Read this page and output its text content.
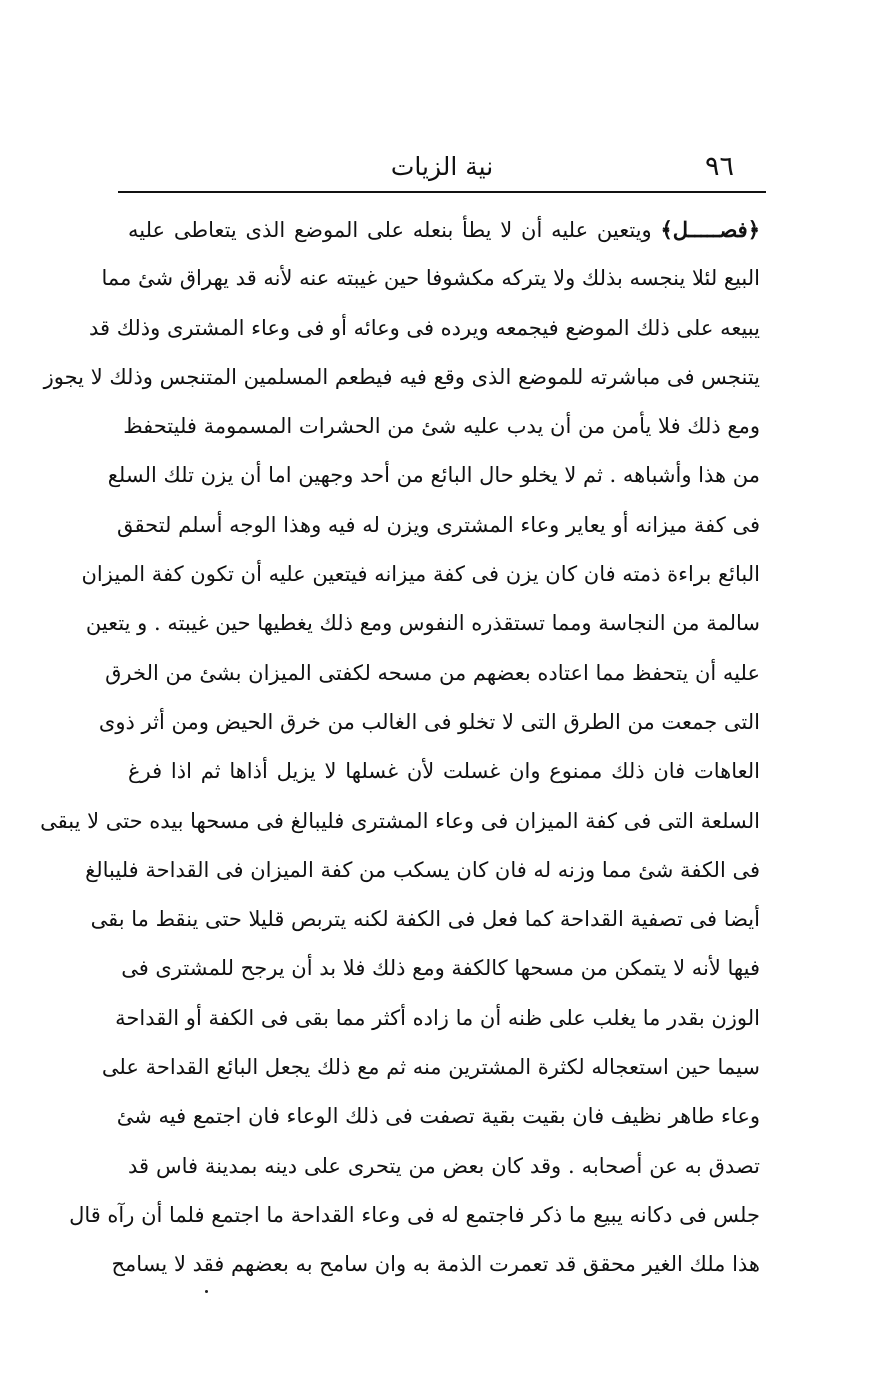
٩٦
نية الزيات
﴿فصـــــل﴾ ويتعين عليه أن لا يطأ بنعله على الموضع الذى يتعاطى عليه
البيع لئلا ينجسه بذلك ولا يتركه مكشوفا حين غيبته عنه لأنه قد يهراق شئ مما
يبيعه على ذلك الموضع فيجمعه ويرده فى وعائه أو فى وعاء المشترى وذلك قد
يتنجس فى مباشرته للموضع الذى وقع فيه فيطعم المسلمين المتنجس وذلك لا يجوز
ومع ذلك فلا يأمن من أن يدب عليه شئ من الحشرات المسمومة فليتحفظ
من هذا وأشباهه . ثم لا يخلو حال البائع من أحد وجهين اما أن يزن تلك السلع
فى كفة ميزانه أو يعاير وعاء المشترى ويزن له فيه وهذا الوجه أسلم لتحقق
البائع براءة ذمته فان كان يزن فى كفة ميزانه فيتعين عليه أن تكون كفة الميزان
سالمة من النجاسة ومما تستقذره النفوس ومع ذلك يغطيها حين غيبته . و يتعين
عليه أن يتحفظ مما اعتاده بعضهم من مسحه لكفتى الميزان بشئ من الخرق
التى جمعت من الطرق التى لا تخلو فى الغالب من خرق الحيض ومن أثر ذوى
العاهات فان ذلك ممنوع وان غسلت لأن غسلها لا يزيل أذاها ثم اذا فرغ
السلعة التى فى كفة الميزان فى وعاء المشترى فليبالغ فى مسحها بيده حتى لا يبقى
فى الكفة شئ مما وزنه له فان كان يسكب من كفة الميزان فى القداحة فليبالغ
أيضا فى تصفية القداحة كما فعل فى الكفة لكنه يتربص قليلا حتى ينقط ما بقى
فيها لأنه لا يتمكن من مسحها كالكفة ومع ذلك فلا بد أن يرجح للمشترى فى
الوزن بقدر ما يغلب على ظنه أن ما زاده أكثر مما بقى فى الكفة أو القداحة
سيما حين استعجاله لكثرة المشترين منه ثم مع ذلك يجعل البائع القداحة على
وعاء طاهر نظيف فان بقيت بقية تصفت فى ذلك الوعاء فان اجتمع فيه شئ
تصدق به عن أصحابه . وقد كان بعض من يتحرى على دينه بمدينة فاس قد
جلس فى دكانه يبيع ما ذكر فاجتمع له فى وعاء القداحة ما اجتمع فلما أن رآه قال
هذا ملك الغير محقق قد تعمرت الذمة به وان سامح به بعضهم فقد لا يسامح
